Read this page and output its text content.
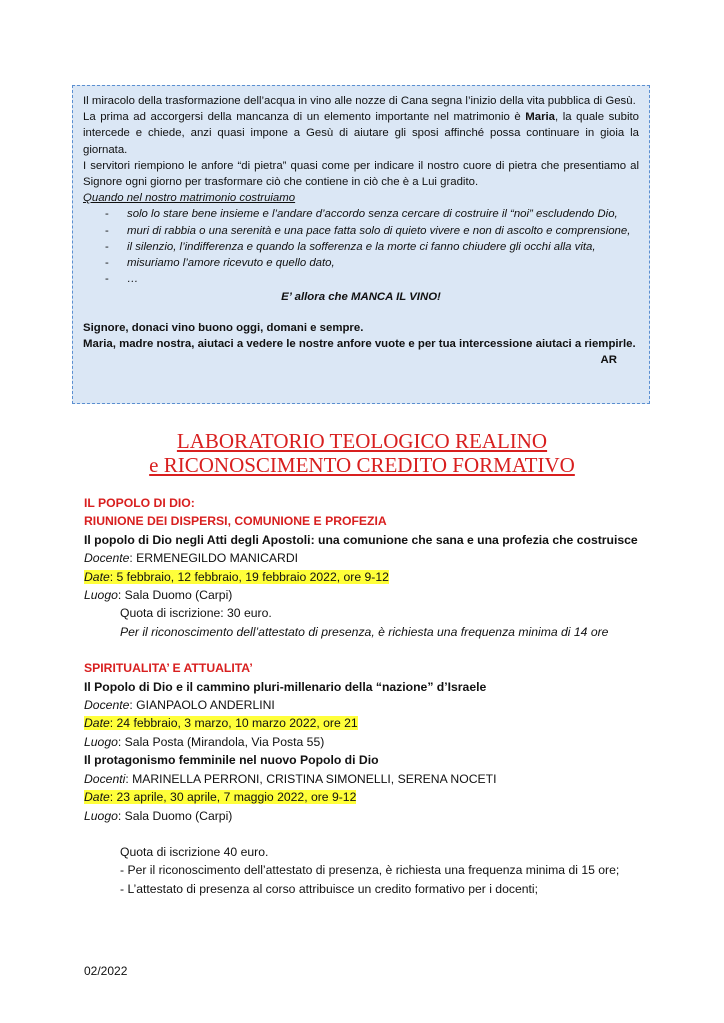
Il miracolo della trasformazione dell’acqua in vino alle nozze di Cana segna l’inizio della vita pubblica di Gesù.

La prima ad accorgersi della mancanza di un elemento importante nel matrimonio è Maria, la quale subito intercede e chiede, anzi quasi impone a Gesù di aiutare gli sposi affinché possa continuare in gioia la giornata.

I servitori riempiono le anfore “di pietra” quasi come per indicare il nostro cuore di pietra che presentiamo al Signore ogni giorno per trasformare ciò che contiene in ciò che è a Lui gradito.

Quando nel nostro matrimonio costruiamo

- solo lo stare bene insieme e l’andare d’accordo senza cercare di costruire il “noi” escludendo Dio,
- muri di rabbia o una serenità e una pace fatta solo di quieto vivere e non di ascolto e comprensione,
- il silenzio, l’indifferenza e quando la sofferenza e la morte ci fanno chiudere gli occhi alla vita,
- misuriamo l’amore ricevuto e quello dato,
- …

E’ allora che MANCA IL VINO!

Signore, donaci vino buono oggi, domani e sempre.

Maria, madre nostra, aiutaci a vedere le nostre anfore vuote e per tua intercessione aiutaci a riempirle.
AR

LABORATORIO TEOLOGICO REALINO
e RICONOSCIMENTO CREDITO FORMATIVO
IL POPOLO DI DIO:
RIUNIONE DEI DISPERSI, COMUNIONE E PROFEZIA
Il popolo di Dio negli Atti degli Apostoli: una comunione che sana e una profezia che costruisce
Docente: ERMENEGILDO MANICARDI
Date: 5 febbraio, 12 febbraio, 19 febbraio 2022, ore 9-12
Luogo: Sala Duomo (Carpi)
Quota di iscrizione: 30 euro.
Per il riconoscimento dell’attestato di presenza, è richiesta una frequenza minima di 14 ore
SPIRITUALITA’ E ATTUALITA’
Il Popolo di Dio e il cammino pluri-millenario della “nazione” d’Israele
Docente: GIANPAOLO ANDERLINI
Date: 24 febbraio, 3 marzo, 10 marzo 2022, ore 21
Luogo: Sala Posta (Mirandola, Via Posta 55)
Il protagonismo femminile nel nuovo Popolo di Dio
Docenti: MARINELLA PERRONI, CRISTINA SIMONELLI, SERENA NOCETI
Date: 23 aprile, 30 aprile, 7 maggio 2022, ore 9-12
Luogo: Sala Duomo (Carpi)
Quota di iscrizione 40 euro.
- Per il riconoscimento dell’attestato di presenza, è richiesta una frequenza minima di 15 ore;
- L’attestato di presenza al corso attribuisce un credito formativo per i docenti;
02/2022
